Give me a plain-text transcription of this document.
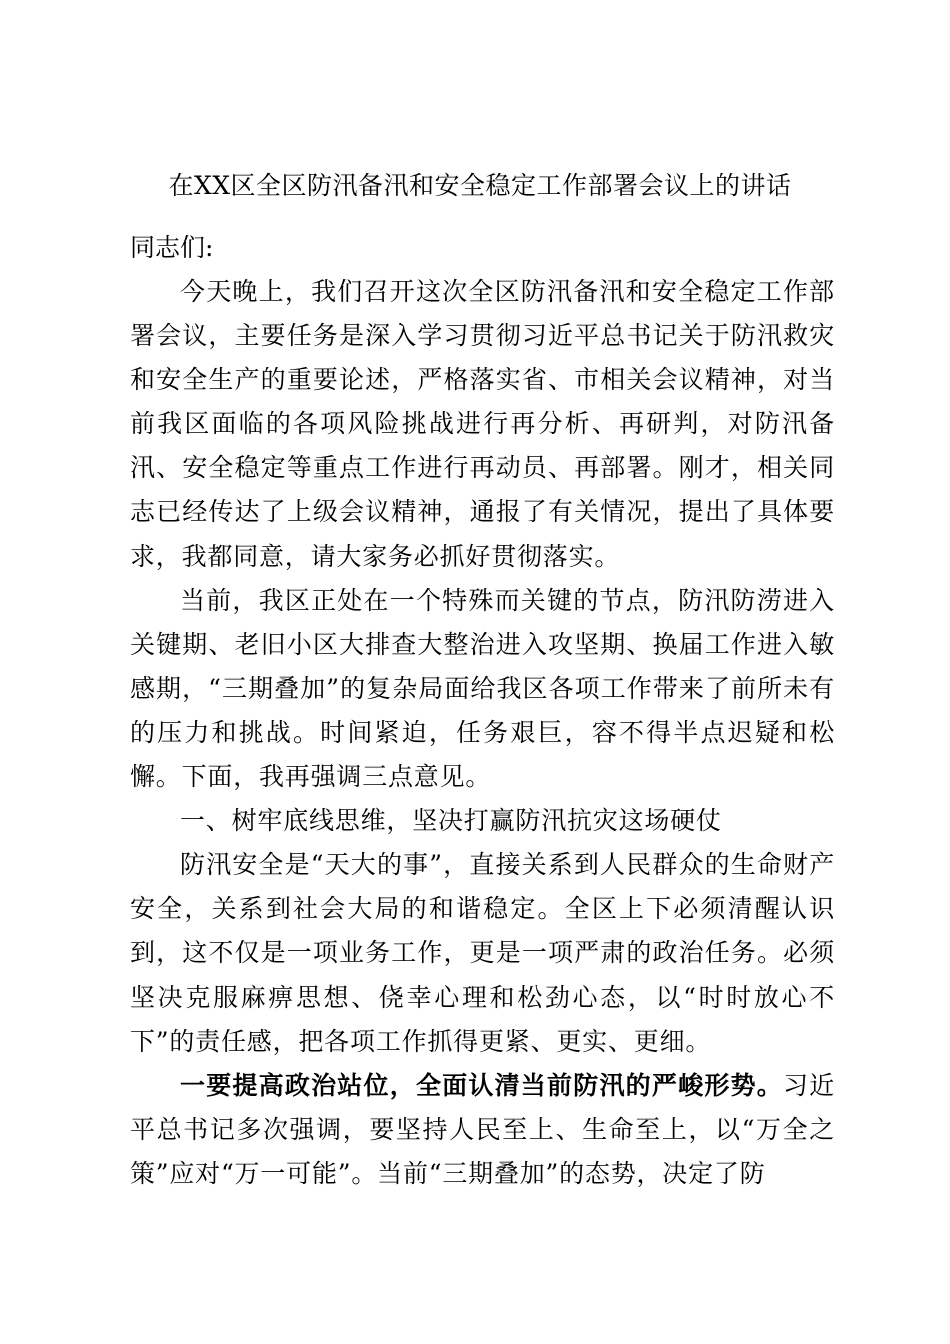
在XX区全区防汛备汛和安全稳定工作部署会议上的讲话
同志们:

今天晚上，我们召开这次全区防汛备汛和安全稳定工作部署会议，主要任务是深入学习贯彻习近平总书记关于防汛救灾和安全生产的重要论述，严格落实省、市相关会议精神，对当前我区面临的各项风险挑战进行再分析、再研判，对防汛备汛、安全稳定等重点工作进行再动员、再部署。刚才，相关同志已经传达了上级会议精神，通报了有关情况，提出了具体要求，我都同意，请大家务必抓好贯彻落实。

当前，我区正处在一个特殊而关键的节点，防汛防涝进入关键期、老旧小区大排查大整治进入攻坚期、换届工作进入敏感期，“三期叠加”的复杂局面给我区各项工作带来了前所未有的压力和挑战。时间紧迫，任务艰巨，容不得半点迟疑和松懈。下面，我再强调三点意见。

一、树牢底线思维，坚决打赢防汛抗灾这场硬仗

防汛安全是“天大的事”，直接关系到人民群众的生命财产安全，关系到社会大局的和谐稳定。全区上下必须清醒认识到，这不仅是一项业务工作，更是一项严肃的政治任务。必须坚决克服麻痹思想、侥幸心理和松劲心态，以“时时放心不下”的责任感，把各项工作抓得更紧、更实、更细。

一要提高政治站位，全面认清当前防汛的严峻形势。习近平总书记多次强调，要坚持人民至上、生命至上，以“万全之策”应对“万一可能”。当前“三期叠加”的态势，决定了防
